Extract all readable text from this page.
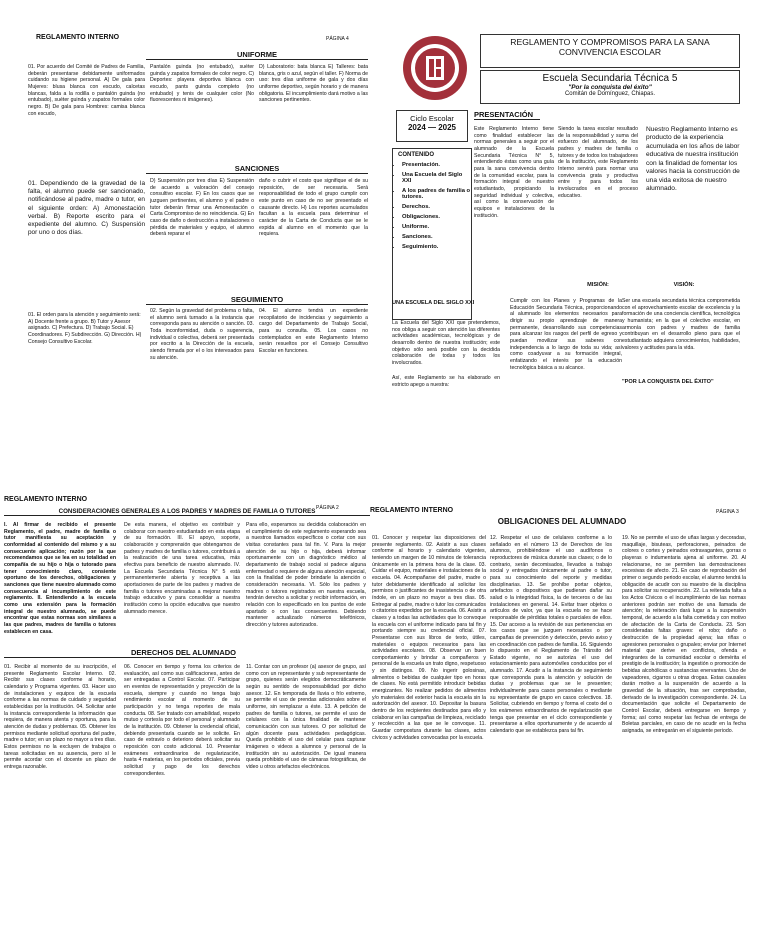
REGLAMENTO INTERNO	PÁGINA 4
UNIFORME
01. Por acuerdo del Comité de Padres de Familia, deberán presentarse debidamente uniformados cuidando su higiene personal. A) De gala para Mujeres: blusa blanca con escudo, calcetas blancas, falda a la rodilla o pantalón guinda (no entubado), suéter guinda y zapatos formales color negro. B) De gala para Hombres: camisa blanca con escudo,
Pantalón guinda (no entubado), suéter guinda y zapatos formales de color negro. C) Deportes: playera deportiva blanca con escudo, pants guinda completo (no entubado) y tenis de cualquier color (No fluorescentes ni imágenes).
D) Laboratorio: bata blanca E) Talleres: bata blanca, gris o azul, según el taller. F) Norma de uso: tres días uniforme de gala y dos días uniforme deportivo, según horario y de manera obligatoria. El incumplimiento dará motivo a las sanciones pertinentes.
SANCIONES
01. Dependiendo de la gravedad de la falta, el alumno puede ser sancionado, notificándose al padre, madre o tutor, en el siguiente orden: A) Amonestación verbal. B) Reporte escrito para el expediente del alumno. C) Suspensión por uno o dos días.
D) Suspensión por tres días E) Suspensión de acuerdo a valoración del consejo consultivo escolar. F) En los casos que se juzguen pertinentes, el alumno y el padre o tutor deberán firmar una Amonestación o Carta Compromiso de no reincidencia. G) En caso de daño o destrucción a instalaciones o pérdida de materiales y equipo, el alumno deberá reparar el
daño o cubrir el costo que signifique el de su reposición, de ser necesaria. Será responsabilidad de todo el grupo cumplir con este punto en caso de no ser presentado el causante directo. H) Los reportes acumulados facultan a la escuela para determinar el carácter de la Carta de Conducta que se le expida al alumno en el momento que la requiera.
SEGUIMIENTO
01. El orden para la atención y seguimiento será: A) Docente frente a grupo. B) Tutor y Asesor asignado. C) Prefectura. D) Trabajo Social. E) Coordinadores. F) Subdirección. G) Dirección. H) Consejo Consultivo Escolar.
02. Según la gravedad del problema o falta, el alumno será turnado a la instancia que corresponda para su atención o sanción. 03. Toda inconformidad, duda o sugerencia, individual o colectiva, deberá ser presentada por escrito a la Dirección de la escuela, siendo firmada por el o los interesados para su atención.
04. El alumno tendrá un expediente recopilatorio de incidencias y seguimiento a cargo del Departamento de Trabajo Social, para su consulta. 05. Los casos no contemplados en este Reglamento Interno serán resueltos por el Consejo Consultivo Escolar en funciones.
REGLAMENTO Y COMPROMISOS PARA LA SANA CONVIVENCIA ESCOLAR
Escuela Secundaria Técnica 5
"Por la conquista del éxito"
Comitán de Domínguez, Chiapas.
Ciclo Escolar
2024 — 2025
CONTENIDO
• Presentación.
• Una Escuela del Siglo XXI
• A los padres de familia o tutores.
• Derechos.
• Obligaciones.
• Uniforme.
• Sanciones.
• Seguimiento.
PRESENTACIÓN
Este Reglamento Interno tiene como finalidad establecer las normas generales a seguir por el alumnado de la Escuela Secundaria Técnica N° 5, entendiendo éstas como una guía para la sana convivencia dentro de la comunidad escolar, para la formación integral de nuestro estudiantado, propiciando la seguridad individual y colectiva, así como la conservación de equipos e instalaciones de la institución.
Siendo la tarea escolar resultado de la responsabilidad y suma del esfuerzo del alumnado, de los padres y madres de familia o tutores y de todos los trabajadores de la institución, este Reglamento Interno servirá para normar una convivencia grata y productiva entre y para todos los involucrados en el proceso educativo.
Nuestro Reglamento Interno es producto de la experiencia acumulada en los años de labor educativa de nuestra institución con la finalidad de fomentar los valores hacia la construcción de una vida exitosa de nuestro alumnado.
UNA ESCUELA DEL SIGLO XXI
La Escuela del Siglo XXI que pretendemos, nos obliga a seguir con atención las diferentes actividades académicas, tecnológicas y de desarrollo dentro de nuestra institución; este objetivo sólo será posible con la decidida colaboración de todas y todos los involucrados.
Así, este Reglamento se ha elaborado en estricto apego a nuestra:
MISIÓN:
Cumplir con los Planes y Programas de la Educación Secundaria Técnica, proporcionando al alumnado los elementos necesarios para dirigir su propio aprendizaje de manera permanente, desarrollando sus competencias para alcanzar los rasgos del perfil de egreso y puedan movilizar sus saberes con independencia a lo largo de toda su vida; así como coadyuvar a su formación integral, enfatizando el interés por la educación tecnológica básica a su alcance.
VISIÓN:
Ser una escuela secundaria técnica comprometida con el aprovechamiento escolar de excelencia y la formación de una conciencia científica, tecnológica y humanista; en la que el colectivo escolar, en armonía con padres y madres de familia contribuyan en el desarrollo pleno para que el estudiantado adquiera conocimientos, habilidades, valores y actitudes para la vida.
"POR LA CONQUISTA DEL ÉXITO"
REGLAMENTO INTERNO
PÁGINA 2
CONSIDERACIONES GENERALES A LOS PADRES Y MADRES DE FAMILIA O TUTORES
I. Al firmar de recibido el presente Reglamento, el padre, madre de familia o tutor manifiesta su aceptación y conformidad al contenido del mismo y a su consecuente aplicación; razón por la que recomendamos que se lea en su totalidad en compañía de su hijo o hija o tutorado para tener conocimiento claro, consiente oportuno de los derechos, obligaciones y sanciones que tiene nuestro alumnado como consecuencia al incumplimiento de este reglamento. II. Entendiendo a la escuela como una extensión para la formación integral de nuestro alumnado, se puede encontrar que estas normas son similares a las que padres, madres de familia o tutores establecen en casa.
De esta manera, el objetivo es contribuir y colaborar con nuestro estudiantado en esta etapa de su formación. III. El apoyo, soporte, colaboración y comprensión que obtengamos de padres y madres de familia o tutores, contribuirá a la realización de una tarea educativa, más efectiva para beneficio de nuestro alumnado. IV. La Escuela Secundaria Técnica N° 5 está permanentemente abierta y receptiva a las aportaciones de parte de los padres y madres de familia o tutores encaminadas a mejorar nuestro trabajo educativo y para consolidar a nuestra institución como la opción educativa que nuestro alumnado merece.
Para ello, esperamos su decidida colaboración en el cumplimiento de este reglamento esperando sea a nuestros llamados específicos o cortar con sus visitas constantes para tal fin. V. Para la mejor atención de su hijo o hija, deberá informar oportunamente con un diagnóstico médico al departamento de trabajo social si padece alguna enfermedad o requiere de alguna atención especial, con la finalidad de poder brindarle la atención o consideración necesaria. VI. Sólo los padres y madres o tutores registrados en nuestra escuela, tendrán derecho a solicitar y recibir información, en relación con lo especificado en los puntos de este apartado o con las consecuentes. Debiendo mantener actualizado números telefónicos, dirección y tutores autorizados.
DERECHOS DEL ALUMNADO
01. Recibir al momento de su inscripción, el presente Reglamento Escolar Interno. 02. Recibir sus clases conforme al horario, calendario y Programa vigentes. 03. Hacer uso de instalaciones y equipos de la escuela conforme a las normas de cuidado y seguridad establecidas por la institución. 04. Solicitar ante la instancia correspondiente la información que requiera, de manera atenta y oportuna, para la atención de dudas y problemas. 05. Obtener los permisos mediante solicitud oportuna del padre, madre o tutor; en un plazo no mayor a tres días. Estos permisos no la excluyen de trabajos o tareas solicitadas en su ausencia, pero sí le permite acordar con el docente un plazo de entrega razonable.
06. Conocer en tiempo y forma los criterios de evaluación, así como sus calificaciones, antes de ser entregadas a Control Escolar. 07. Participar en eventos de representación y proyección de la escuela, siempre y cuando no tenga bajo rendimiento escolar al momento de su participación y no tenga reportes de mala conducta. 08. Ser tratado con amabilidad, respeto mutuo y cortesía por todo el personal y alumnado de la institución. 09. Obtener la credencial oficial, debiendo presentarla cuando se le solicite. En caso de extravío o deterioro deberá solicitar su reposición con costo adicional. 10. Presentar exámenes extraordinarios de regularización, hasta 4 materias, en los periodos oficiales, previa solicitud y pago de los derechos correspondientes.
11. Contar con un profesor (a) asesor de grupo, así como con un representante y sub representante de grupo, quienes serán elegidos democráticamente según su sentido de responsabilidad por dicho asesor. 12. En temporada de lluvia o frío extremo, se permite el uso de prendas adicionales sobre el uniforme, sin remplazar a éste. 13. A petición de padres de familia o tutores, se permite el uso de celulares con la única finalidad de mantener comunicación con sus tutores. O por solicitud de algún docente para actividades pedagógicas. Queda prohibido el uso del celular para capturar imágenes o videos a alumnos y personal de la institución sin su autorización. De igual manera queda prohibido el uso de cámaras fotográficas, de video u otros artefactos electrónicos.
REGLAMENTO INTERNO	PÁGINA 3
OBLIGACIONES DEL ALUMNADO
01. Conocer y respetar las disposiciones del presente reglamento. 02. Asistir a sus clases conforme al horario y calendario vigentes, teniendo un margen de 10 minutos de tolerancia únicamente en la primera hora de la clase. 03. Cuidar el equipo, materiales e instalaciones de la escuela. 04. Acompañarse del padre, madre o tutor debidamente identificado al solicitar los permisos o justificantes de inasistencia o de otra índole, en un plazo no mayor a tres días. 05. Entregar al padre, madre o tutor los comunicados o citatorios expedidos por la escuela. 06. Asistir a clases y a todas las actividades que lo convoque la escuela con el uniforme indicado para tal fin y portando siempre su credencial oficial. 07. Presentarse con sus libros de texto, útiles, materiales o equipos necesarios para las actividades escolares. 08. Observar un buen comportamiento y brindar a compañeros y personal de la escuela un trato digno, respetuoso y sin distingos. 09. No ingerir golosinas, alimentos o bebidas de cualquier tipo en horas de clases. No está permitido introducir bebidas energizantes. No realizar pedidos de alimentos y/o materiales del exterior hacia la escuela sin la autorización del asesor. 10. Depositar la basura dentro de los recipientes destinados para ello y colaborar en las campañas de limpieza, reciclado y recolección a las que se le convoque. 11. Guardar compostura durante las clases, actos cívicos y actividades convocadas por la escuela.
12. Respetar el uso de celulares conforme a lo señalado en el número 13 de Derechos de los alumnos, prohibiéndose el uso audífonos o reproductores de música durante sus clases; o de lo contrario, serán decomisados, llevados a trabajo social y entregados únicamente al padre o tutor, para su conocimiento del reporte y medidas disciplinarias. 13. Se prohíbe portar objetos, artefactos o dispositivos que pudieran dañar su salud o la integridad física, la de terceros o de las instalaciones en general. 14. Evitar traer objetos o artículos de valor, ya que la escuela no se hace responsable de pérdidas totales o parciales de ellos. 15. Dar acceso a la revisión de sus pertenencias en los casos que se juzguen necesarios o por campañas de prevención y detección, previo aviso y en coordinación con padres de familia. 16. Siguiendo lo dispuesto en el Reglamento de Tránsito del Estado vigente, no se autoriza el uso del estacionamiento para automóviles conducidos por el alumnado. 17. Acudir a la instancia de seguimiento que corresponda para la atención y solución de dudas y problemas que se le presenten; individualmente para casos personales o mediante su representante de grupo en casos colectivos. 18. Solicitar, cubriendo en tiempo y forma el costo del o los exámenes extraordinarios de regularización que tenga que presentar en el ciclo correspondiente y presentarse a ellos oportunamente y de acuerdo al calendario que se establezca para tal fin.
19. No se permite el uso de uñas largas y decoradas, maquillaje, bisuteas, perforaciones, peinados de colores o cortes y peinados extravagantes, gorras o playeras o indumentaria ajena al uniforme. 20. Al relacionarse, no se permiten las demostraciones excesivas de afecto. 21. En caso de reprobación del primer o segundo periodo escolar, el alumno tendrá la obligación de acudir con su maestro de la disciplina para solicitar su recuperación. 22. La reiterada falta a los Actos Cívicos o el incumplimiento de las normas anteriores podrán ser motivo de una llamada de atención; la reiteración dará lugar a la suspensión temporal, de acuerdo a la falta cometida y con motivo de afectación de la Carta de Conducta. 23. Son consideradas faltas graves: el robo; daño o destrucción de la propiedad ajena; las riñas o agresiones personales o grupales; enviar por Internet material que derive en conflictos, ofenda e integrantes de la comunidad escolar o demérita el prestigio de la institución; la ingestión o promoción de bebidas alcohólicas o sustancias enervantes. Uso de vapeadores, cigarros u otras drogas. Estas causales darán motivo a la suspensión de acuerdo a la gravedad de la situación, tras ser comprobadas, derivado de la investigación correspondiente. 24. La documentación que solicite el Departamento de Control Escolar, deberá entregarse en tiempo y forma; así como respetar las fechas de entrega de Boletas parciales, en caso de no acudir en la fecha asignada, se entregarán en el siguiente periodo.
